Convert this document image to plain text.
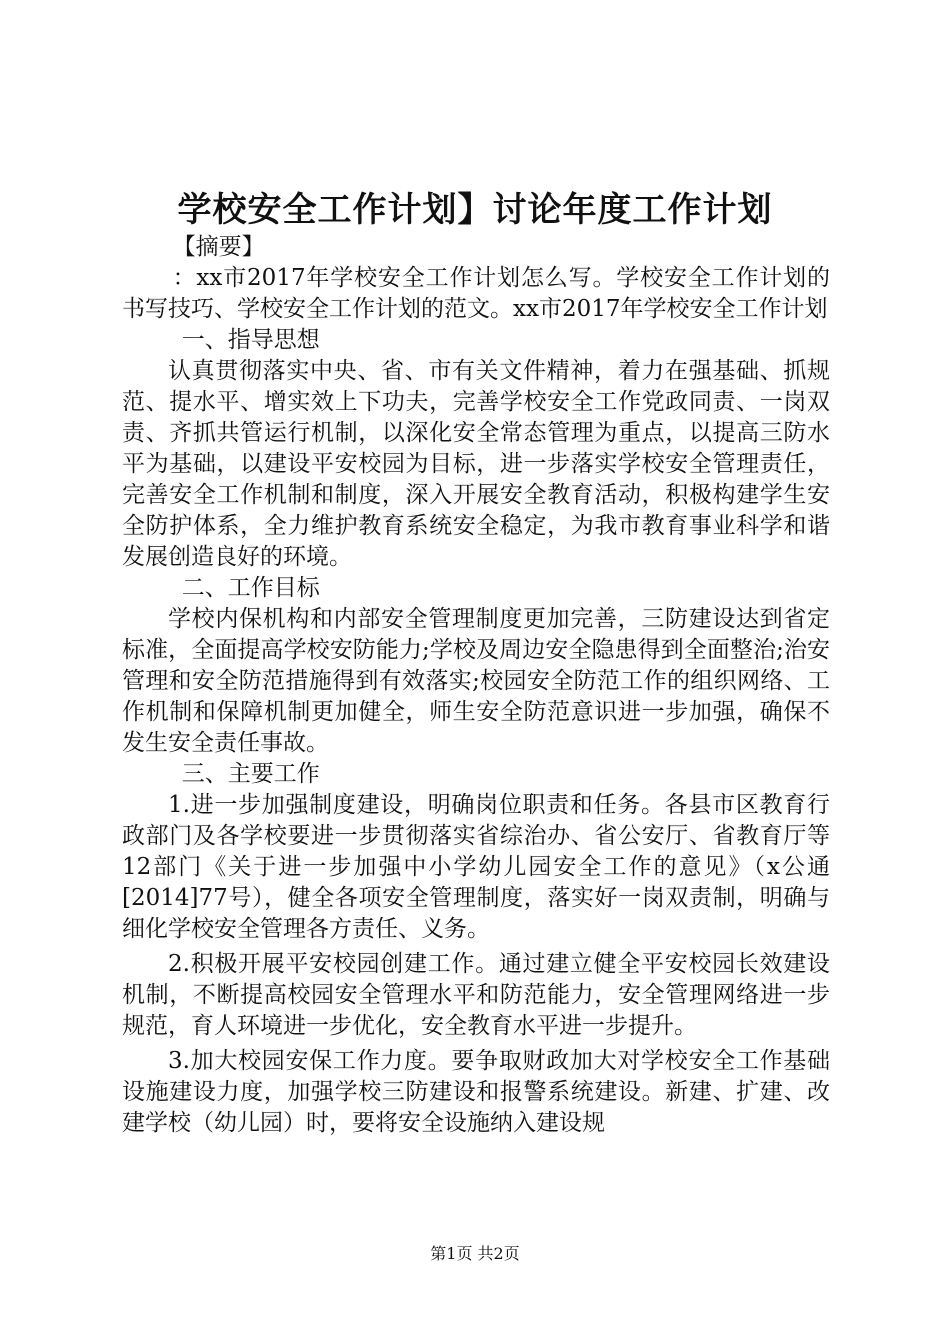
学校安全工作计划】讨论年度工作计划

【摘要】

：xx市2017年学校安全工作计划怎么写。学校安全工作计划的书写技巧、学校安全工作计划的范文。xx市2017年学校安全工作计划

一、指导思想

认真贯彻落实中央、省、市有关文件精神，着力在强基础、抓规范、提水平、增实效上下功夫，完善学校安全工作党政同责、一岗双责、齐抓共管运行机制，以深化安全常态管理为重点，以提高三防水平为基础，以建设平安校园为目标，进一步落实学校安全管理责任，完善安全工作机制和制度，深入开展安全教育活动，积极构建学生安全防护体系，全力维护教育系统安全稳定，为我市教育事业科学和谐发展创造良好的环境。

二、工作目标

学校内保机构和内部安全管理制度更加完善，三防建设达到省定标准，全面提高学校安防能力;学校及周边安全隐患得到全面整治;治安管理和安全防范措施得到有效落实;校园安全防范工作的组织网络、工作机制和保障机制更加健全，师生安全防范意识进一步加强，确保不发生安全责任事故。

三、主要工作

1.进一步加强制度建设，明确岗位职责和任务。各县市区教育行政部门及各学校要进一步贯彻落实省综治办、省公安厅、省教育厅等12部门《关于进一步加强中小学幼儿园安全工作的意见》（x公通[2014]77号），健全各项安全管理制度，落实好一岗双责制，明确与细化学校安全管理各方责任、义务。

2.积极开展平安校园创建工作。通过建立健全平安校园长效建设机制，不断提高校园安全管理水平和防范能力，安全管理网络进一步规范，育人环境进一步优化，安全教育水平进一步提升。

3.加大校园安保工作力度。要争取财政加大对学校安全工作基础设施建设力度，加强学校三防建设和报警系统建设。新建、扩建、改建学校（幼儿园）时，要将安全设施纳入建设规

第1页 共2页
